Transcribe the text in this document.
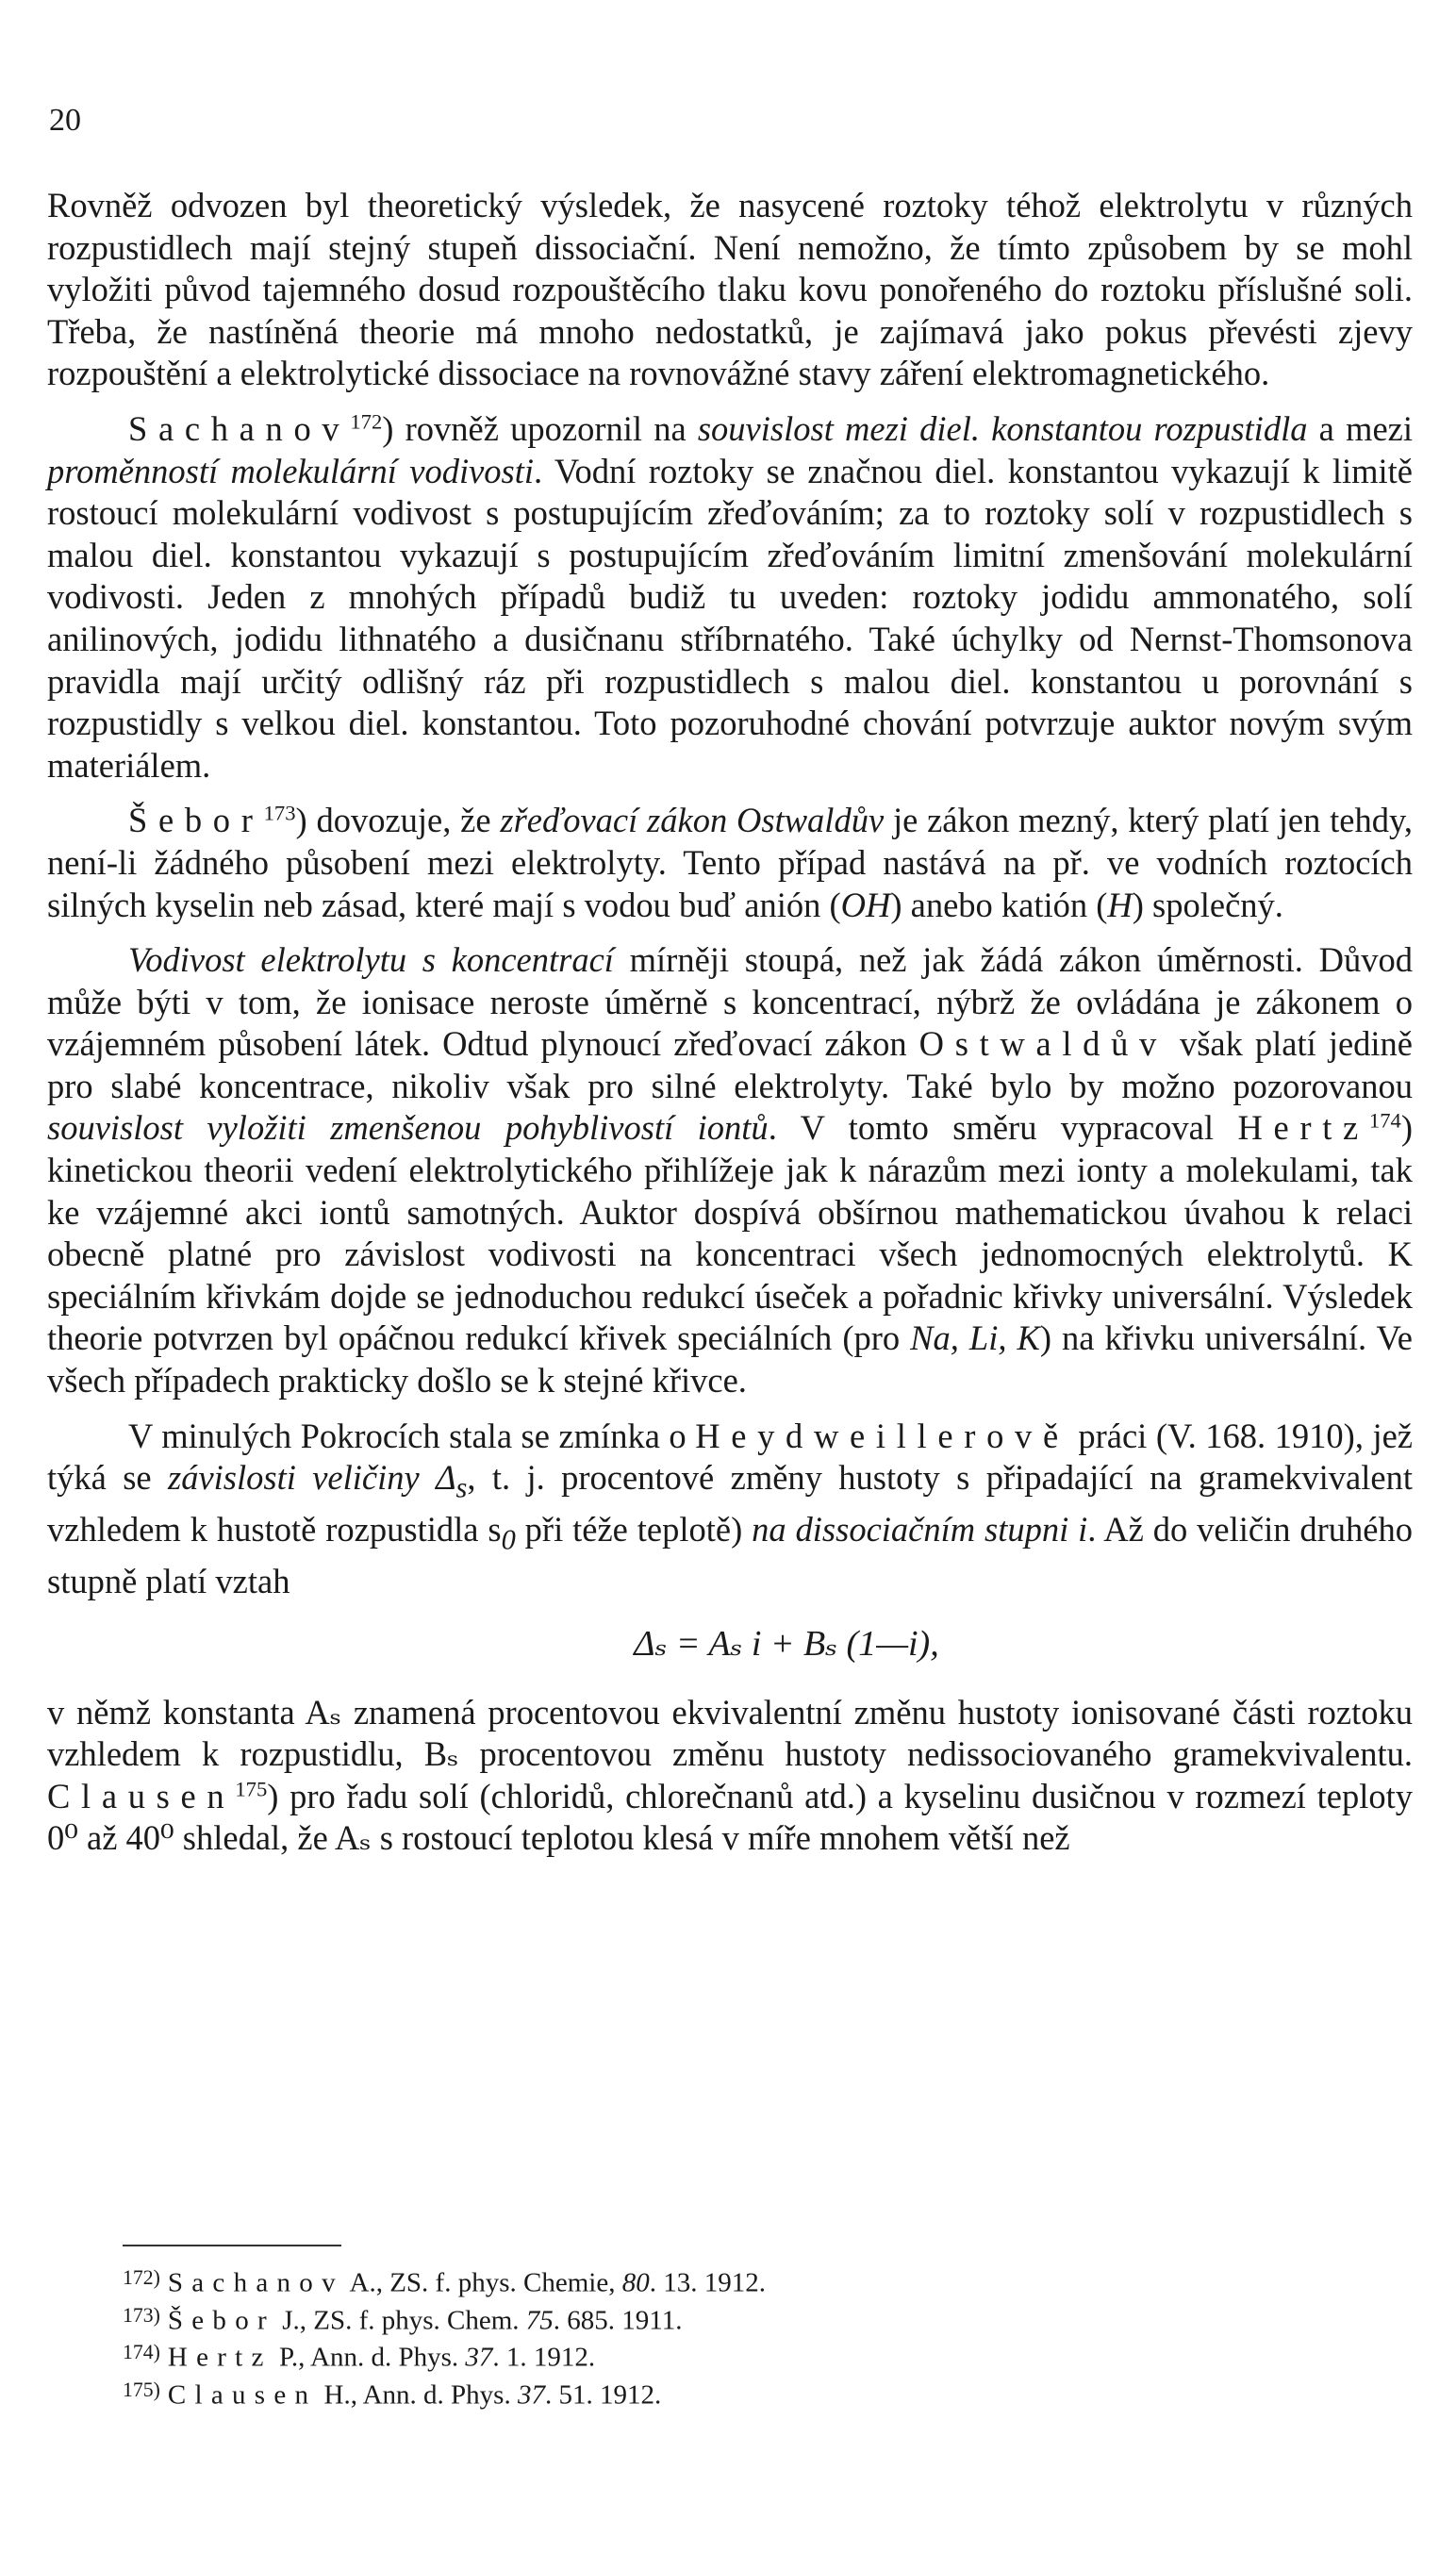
20

Rovněž odvozen byl theoretický výsledek, že nasycené roztoky téhož elektrolytu v různých rozpustidlech mají stejný stupeň dissociační. Není nemožno, že tímto způsobem by se mohl vyložiti původ tajemného dosud rozpouštěcího tlaku kovu ponořeného do roztoku příslušné soli. Třeba, že nastíněná theorie má mnoho nedostatků, je zajímavá jako pokus převésti zjevy rozpouštění a elektrolytické dissociace na rovnovážné stavy záření elektromagnetického.

Sachanov$^{172}$) rovněž upozornil na souvislost mezi diel. konstantou rozpustidla a mezi proměnností molekulární vodivosti. Vodní roztoky se značnou diel. konstantou vykazují k limitě rostoucí molekulární vodivost s postupujícím zřeďováním; za to roztoky solí v rozpustidlech s malou diel. konstantou vykazují s postupujícím zřeďováním limitní zmenšování molekulární vodivosti. Jeden z mnohých případů budiž tu uveden: roztoky jodidu ammonatého, solí anilinových, jodidu lithnatého a dusičnanu stříbrnatého. Také úchylky od Nernst-Thomsonova pravidla mají určitý odlišný ráz při rozpustidlech s malou diel. konstantou u porovnání s rozpustidly s velkou diel. konstantou. Toto pozoruhodné chování potvrzuje auktor novým svým materiálem.

Šebor$^{173}$) dovozuje, že zřeďovací zákon Ostwaldův je zákon mezný, který platí jen tehdy, není-li žádného působení mezi elektrolyty. Tento případ nastává na př. ve vodních roztocích silných kyselin neb zásad, které mají s vodou buď anión (OH) anebo katión (H) společný.

Vodivost elektrolytu s koncentrací mírněji stoupá, než jak žádá zákon úměrnosti. Důvod může býti v tom, že ionisace neroste úměrně s koncentrací, nýbrž že ovládána je zákonem o vzájemném působení látek. Odtud plynoucí zřeďovací zákon Ostwaldův však platí jedině pro slabé koncentrace, nikoliv však pro silné elektrolyty. Také bylo by možno pozorovanou souvislost vyložiti zmenšenou pohyblivostí iontů. V tomto směru vypracoval Hertz$^{174}$) kinetickou theorii vedení elektrolytického přihlížeje jak k nárazům mezi ionty a molekulami, tak ke vzájemné akci iontů samotných. Auktor dospívá obšírnou mathematickou úvahou k relaci obecně platné pro závislost vodivosti na koncentraci všech jednomocných elektrolytů. K speciálním křivkám dojde se jednoduchou redukcí úseček a pořadnic křivky universální. Výsledek theorie potvrzen byl opáčnou redukcí křivek speciálních (pro Na, Li, K) na křivku universální. Ve všech případech prakticky došlo se k stejné křivce.

V minulých Pokrocích stala se zmínka o Heydweillerově práci (V. 168. 1910), jež týká se závislosti veličiny $\Delta_s$, t. j. procentové změny hustoty s připadající na gramekvivalent vzhledem k hustotě rozpustidla $s_0$ při téže teplotě) na dissociačním stupni i. Až do veličin druhého stupně platí vztah

Δₛ = Aₛ i + Bₛ (1—i),

v němž konstanta Aₛ znamená procentovou ekvivalentní změnu hustoty ionisované části roztoku vzhledem k rozpustidlu, Bₛ procentovou změnu hustoty nedissociovaného gramekvivalentu. Clausen$^{175}$) pro řadu solí (chloridů, chlorečnanů atd.) a kyselinu dusičnou v rozmezí teploty 0⁰ až 40⁰ shledal, že Aₛ s rostoucí teplotou klesá v míře mnohem větší než

$^{172)}$ Sachanov A., ZS. f. phys. Chemie, 80. 13. 1912.

$^{173)}$ Šebor J., ZS. f. phys. Chem. 75. 685. 1911.

$^{174)}$ Hertz P., Ann. d. Phys. 37. 1. 1912.

$^{175)}$ Clausen H., Ann. d. Phys. 37. 51. 1912.
